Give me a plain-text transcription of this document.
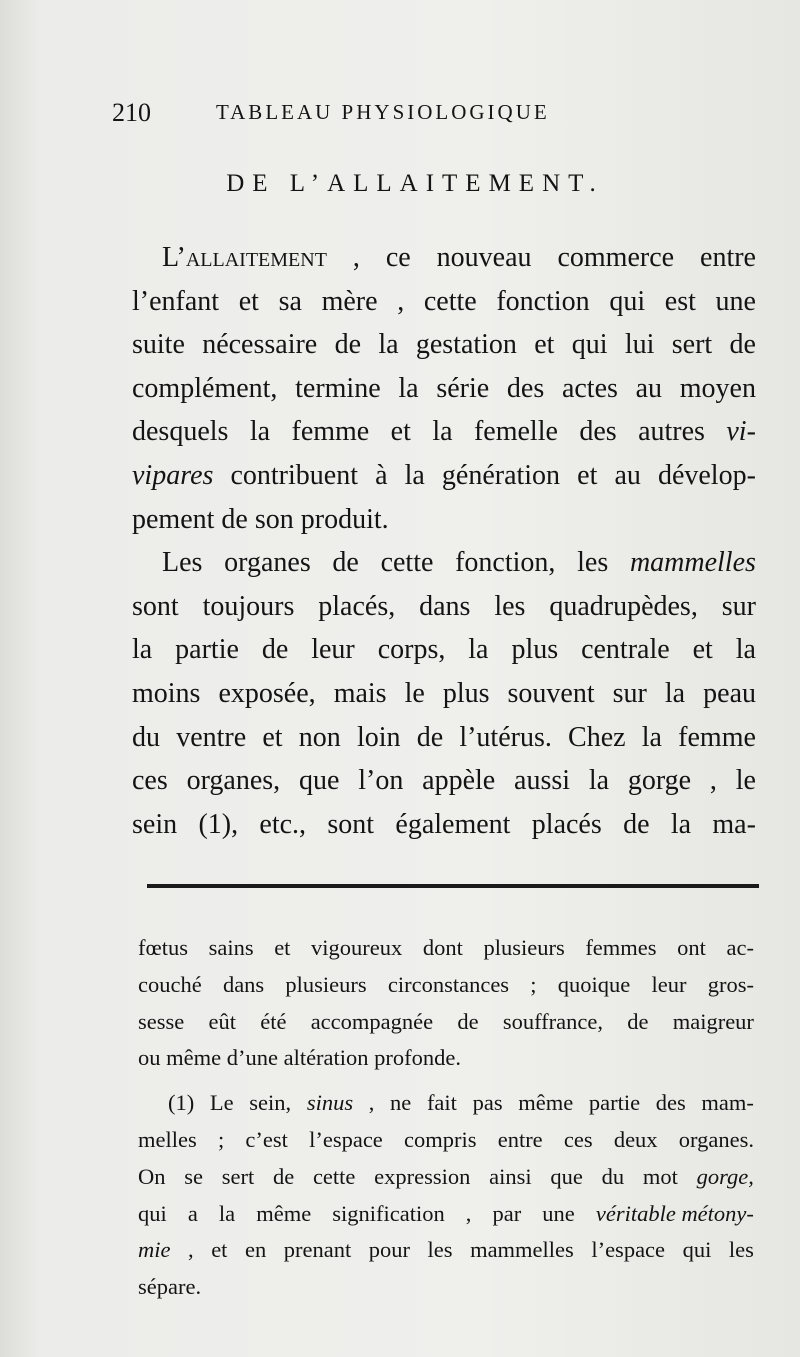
210	TABLEAU PHYSIOLOGIQUE
DE L’ALLAITEMENT.
L’allaitement , ce nouveau commerce entre
l’enfant et sa mère , cette fonction qui est une
suite nécessaire de la gestation et qui lui sert de
complément, termine la série des actes au moyen
desquels la femme et la femelle des autres vi-
vipares contribuent à la génération et au dévelop-
pement de son produit.
Les organes de cette fonction, les mammelles
sont toujours placés, dans les quadrupèdes, sur
la partie de leur corps, la plus centrale et la
moins exposée, mais le plus souvent sur la peau
du ventre et non loin de l’utérus. Chez la femme
ces organes, que l’on appèle aussi la gorge , le
sein (1), etc., sont également placés de la ma-
fœtus sains et vigoureux dont plusieurs femmes ont ac-
couché dans plusieurs circonstances ; quoique leur gros-
sesse eût été accompagnée de souffrance, de maigreur
ou même d’une altération profonde.
(1) Le sein, sinus , ne fait pas même partie des mam-
melles ; c’est l’espace compris entre ces deux organes.
On se sert de cette expression ainsi que du mot gorge,
qui a la même signification , par une véritable métony-
mie , et en prenant pour les mammelles l’espace qui les
sépare.
